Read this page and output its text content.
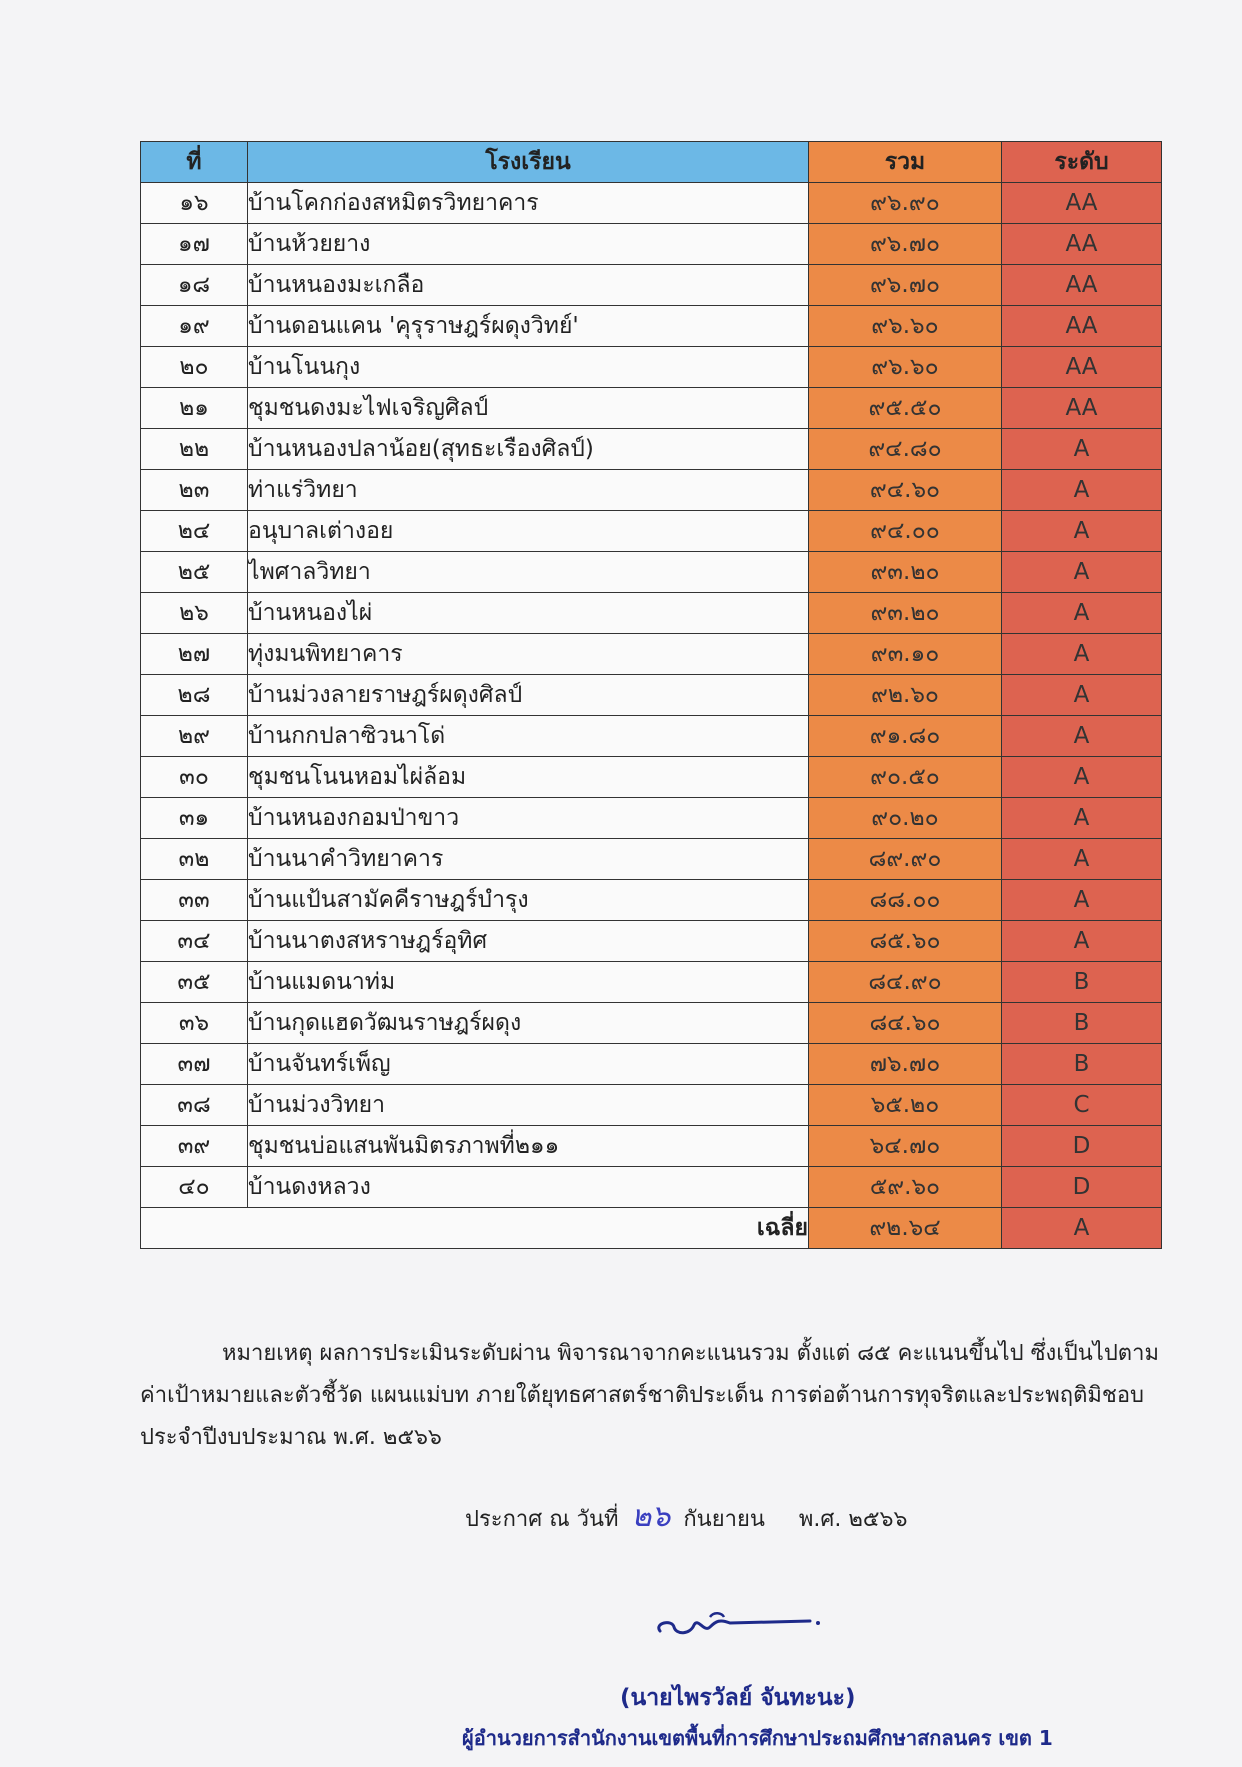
ที่	โรงเรียน	รวม	ระดับ
๑๖	บ้านโคกก่องสหมิตรวิทยาคาร	๙๖.๙๐	AA
๑๗	บ้านห้วยยาง	๙๖.๗๐	AA
๑๘	บ้านหนองมะเกลือ	๙๖.๗๐	AA
๑๙	บ้านดอนแคน 'คุรุราษฎร์ผดุงวิทย์'	๙๖.๖๐	AA
๒๐	บ้านโนนกุง	๙๖.๖๐	AA
๒๑	ชุมชนดงมะไฟเจริญศิลป์	๙๕.๕๐	AA
๒๒	บ้านหนองปลาน้อย(สุทธะเรืองศิลป์)	๙๔.๘๐	A
๒๓	ท่าแร่วิทยา	๙๔.๖๐	A
๒๔	อนุบาลเต่างอย	๙๔.๐๐	A
๒๕	ไพศาลวิทยา	๙๓.๒๐	A
๒๖	บ้านหนองไผ่	๙๓.๒๐	A
๒๗	ทุ่งมนพิทยาคาร	๙๓.๑๐	A
๒๘	บ้านม่วงลายราษฎร์ผดุงศิลป์	๙๒.๖๐	A
๒๙	บ้านกกปลาซิวนาโด่	๙๑.๘๐	A
๓๐	ชุมชนโนนหอมไผ่ล้อม	๙๐.๕๐	A
๓๑	บ้านหนองกอมป่าขาว	๙๐.๒๐	A
๓๒	บ้านนาคำวิทยาคาร	๘๙.๙๐	A
๓๓	บ้านแป้นสามัคคีราษฎร์บำรุง	๘๘.๐๐	A
๓๔	บ้านนาตงสหราษฎร์อุทิศ	๘๕.๖๐	A
๓๕	บ้านแมดนาท่ม	๘๔.๙๐	B
๓๖	บ้านกุดแฮดวัฒนราษฎร์ผดุง	๘๔.๖๐	B
๓๗	บ้านจันทร์เพ็ญ	๗๖.๗๐	B
๓๘	บ้านม่วงวิทยา	๖๕.๒๐	C
๓๙	ชุมชนบ่อแสนพันมิตรภาพที่๒๑๑	๖๔.๗๐	D
๔๐	บ้านดงหลวง	๕๙.๖๐	D
เฉลี่ย		๙๒.๖๔	A
หมายเหตุ ผลการประเมินระดับผ่าน พิจารณาจากคะแนนรวม ตั้งแต่ ๘๕ คะแนนขึ้นไป ซึ่งเป็นไปตามค่าเป้าหมายและตัวชี้วัด แผนแม่บท ภายใต้ยุทธศาสตร์ชาติประเด็น การต่อต้านการทุจริตและประพฤติมิชอบ ประจำปีงบประมาณ พ.ศ. ๒๕๖๖
ประกาศ ณ วันที่ ๒๖ กันยายน พ.ศ. ๒๕๖๖
(นายไพรวัลย์ จันทะนะ)
ผู้อำนวยการสำนักงานเขตพื้นที่การศึกษาประถมศึกษาสกลนคร เขต 1
